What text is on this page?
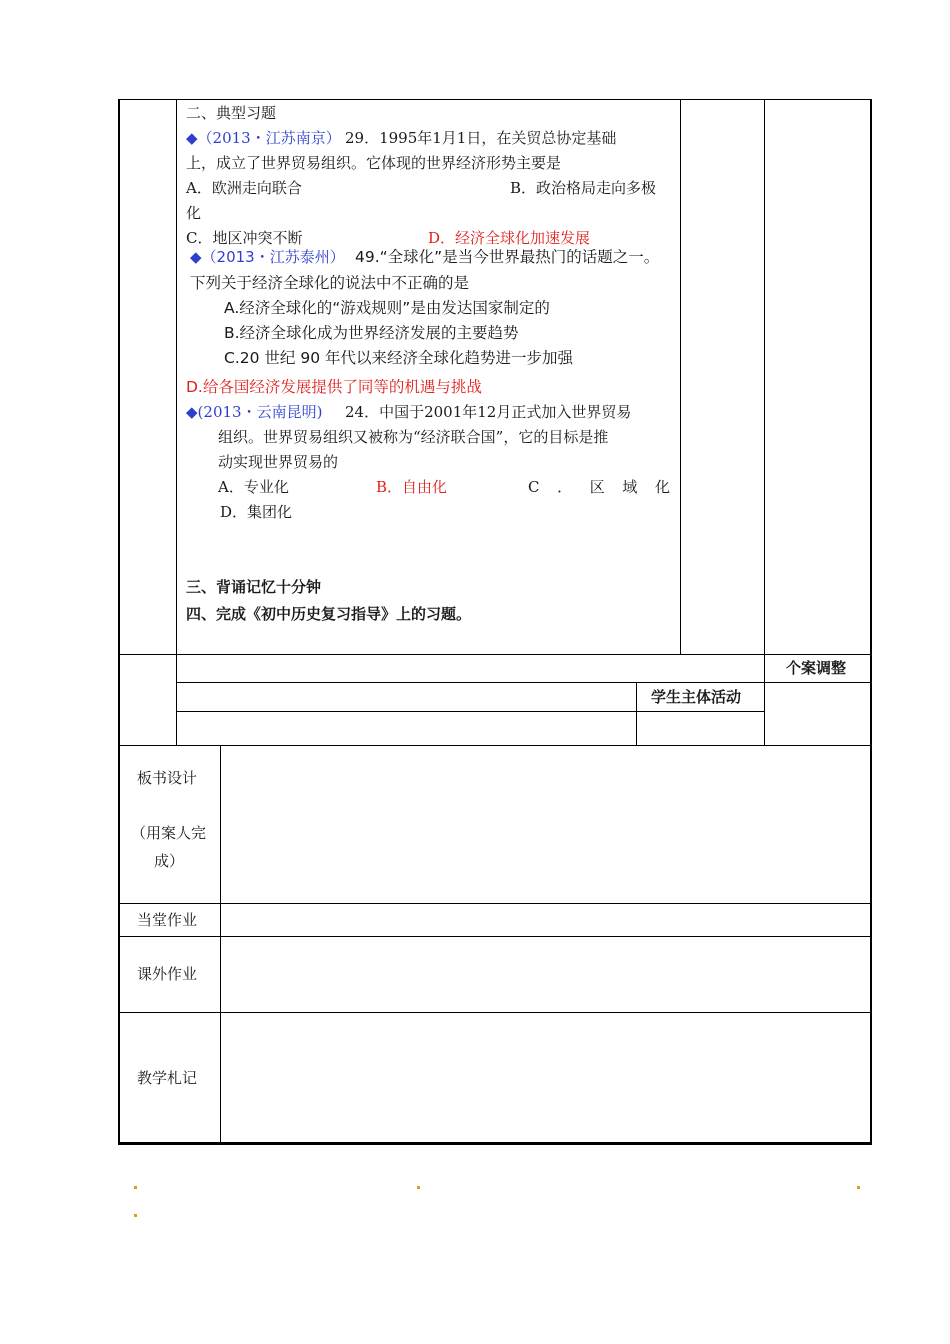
二、典型习题
◆（2013・江苏南京） 29．1995年1月1日，在关贸总协定基础
上，成立了世界贸易组织。它体现的世界经济形势主要是
A．欧洲走向联合	B．政治格局走向多极
化
C．地区冲突不断	D．经济全球化加速发展
◆（2013・江苏泰州） 49.“全球化”是当今世界最热门的话题之一。
下列关于经济全球化的说法中不正确的是
A.经济全球化的“游戏规则”是由发达国家制定的
B.经济全球化成为世界经济发展的主要趋势
C.20 世纪 90 年代以来经济全球化趋势进一步加强
D.给各国经济发展提供了同等的机遇与挑战
◆(2013・云南昆明) 24．中国于2001年12月正式加入世界贸易
组织。世界贸易组织又被称为“经济联合国”，它的目标是推
动实现世界贸易的
A．专业化	B．自由化	C ． 区 域 化
D．集团化
三、背诵记忆十分钟
四、完成《初中历史复习指导》上的习题。
个案调整
学生主体活动
板书设计
（用案人完
成）
当堂作业
课外作业
教学札记
